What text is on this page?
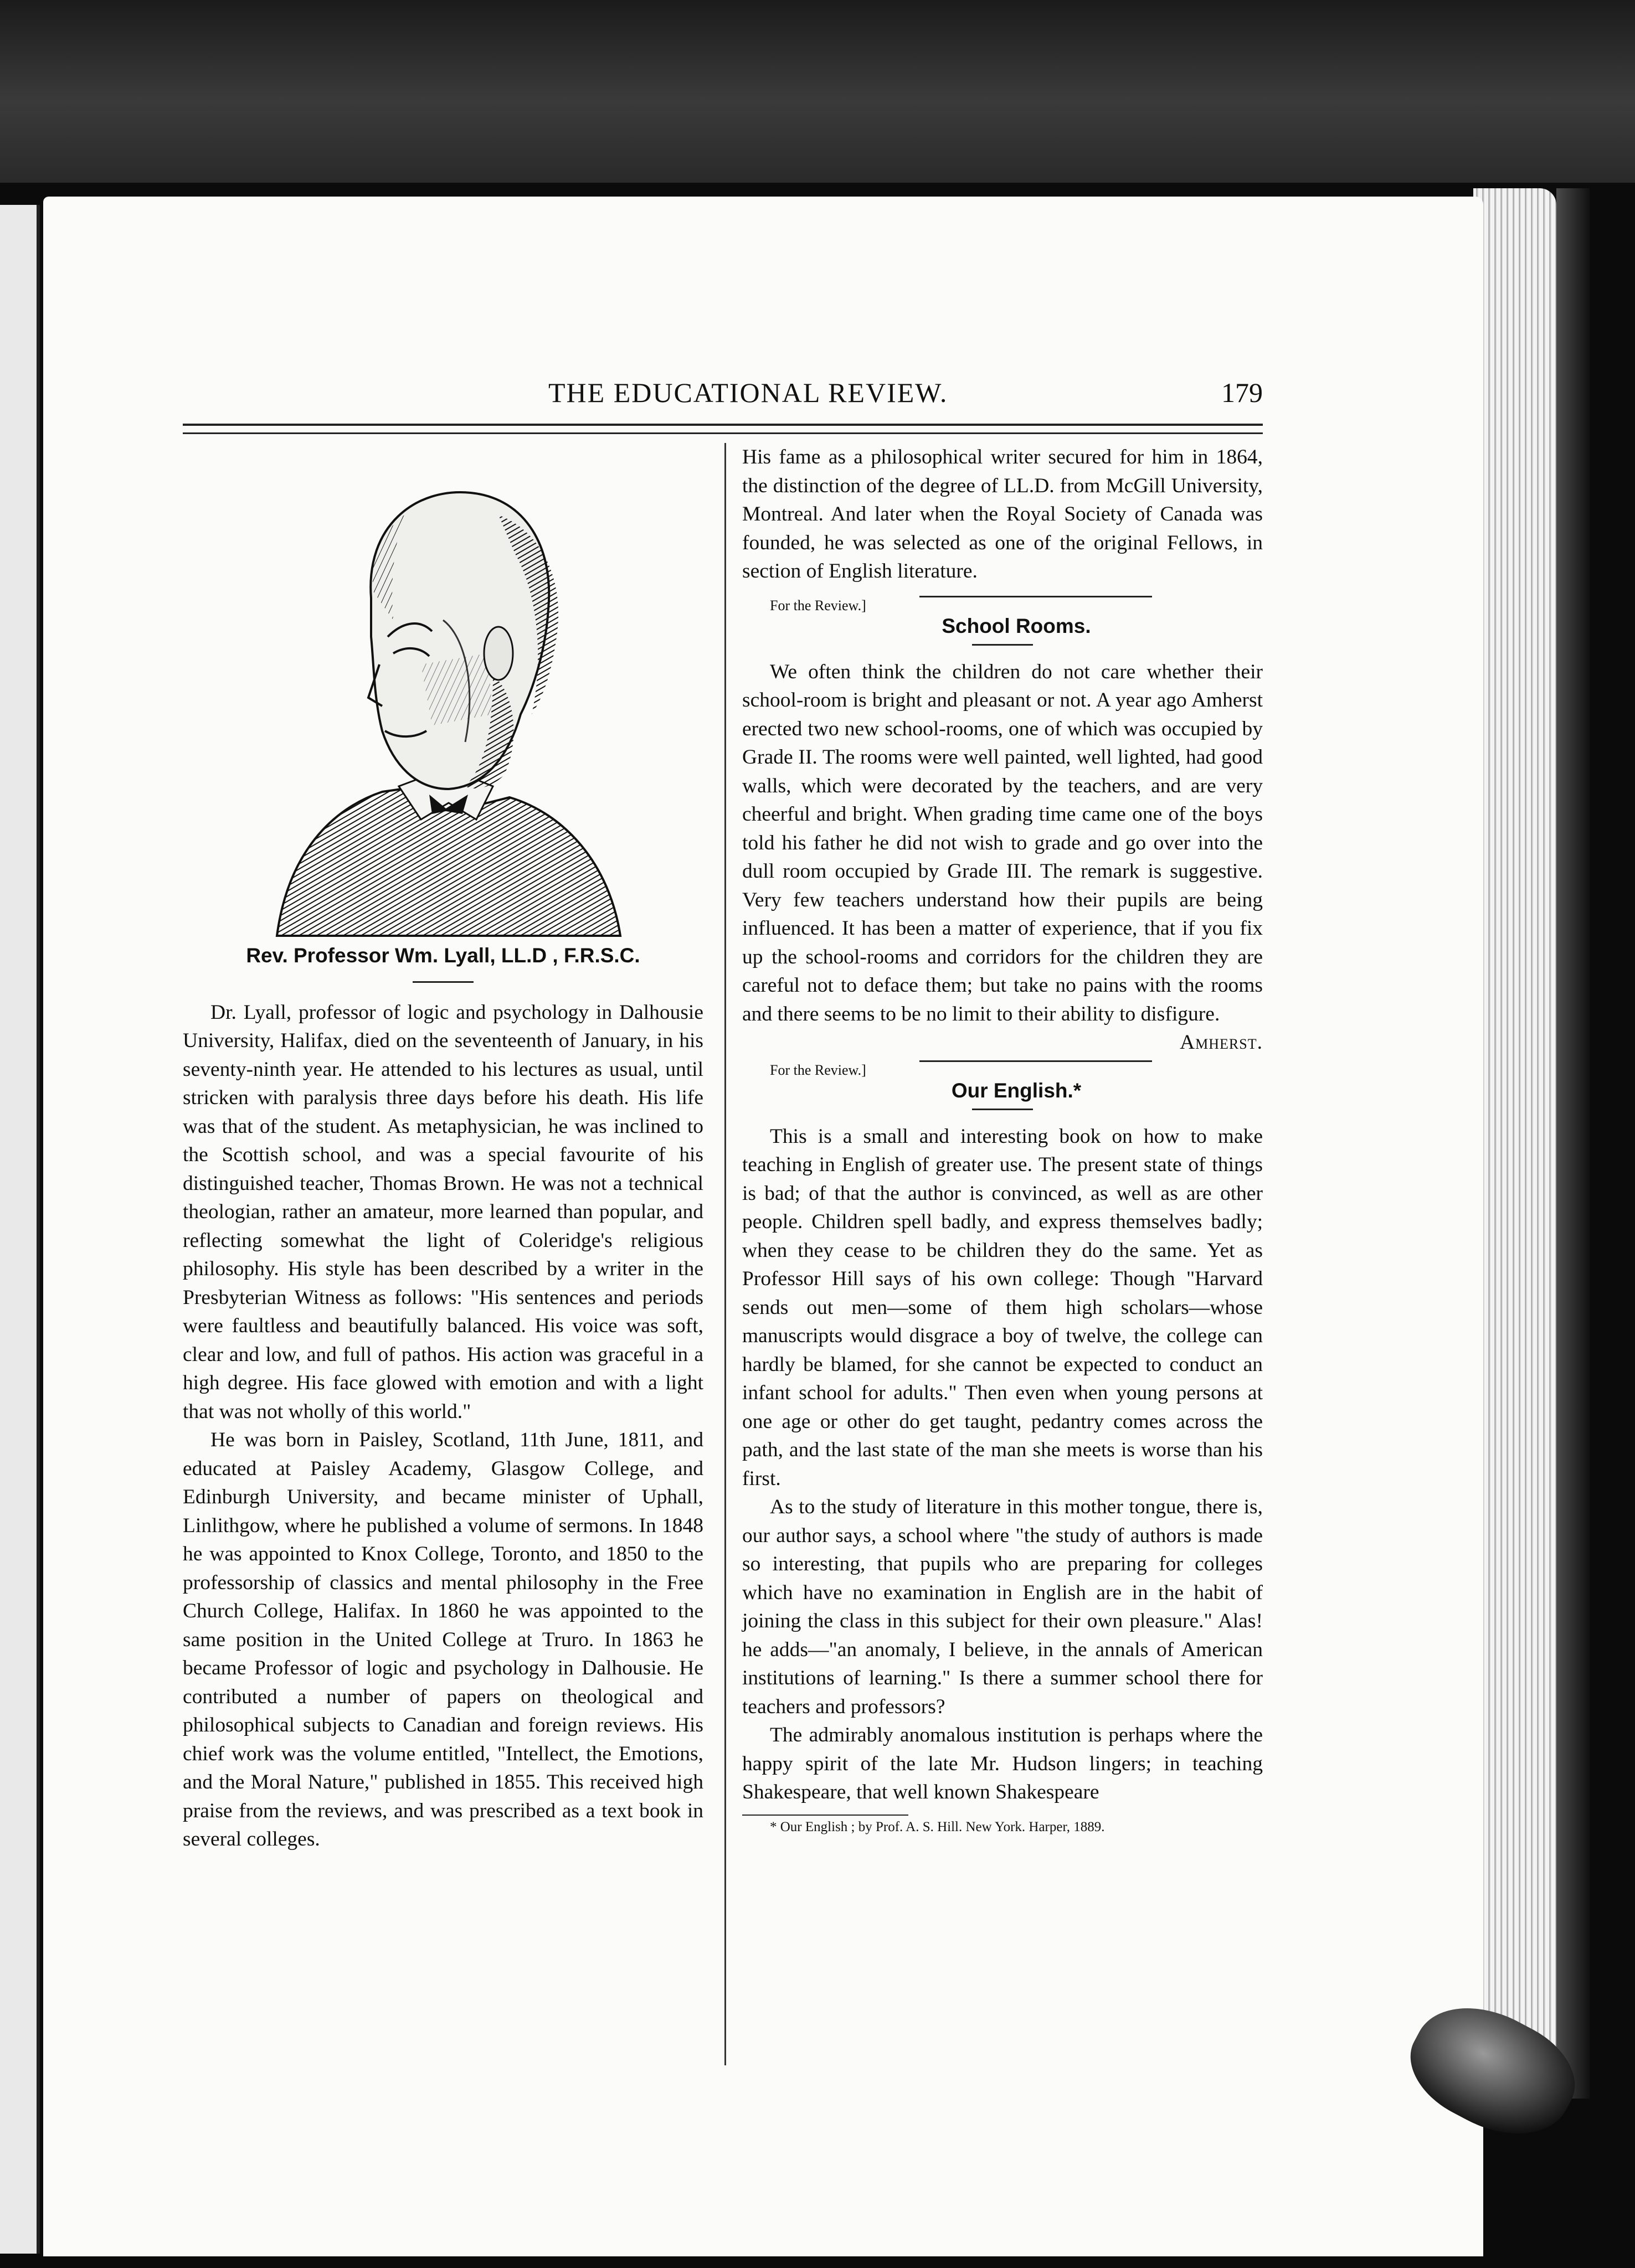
THE EDUCATIONAL REVIEW.	179

Rev. Professor Wm. Lyall, LL.D , F.R.S.C.

Dr. Lyall, professor of logic and psychology in Dalhousie University, Halifax, died on the seventeenth of January, in his seventy-ninth year. He attended to his lectures as usual, until stricken with paralysis three days before his death. His life was that of the student. As metaphysician, he was inclined to the Scottish school, and was a special favourite of his distinguished teacher, Thomas Brown. He was not a technical theologian, rather an amateur, more learned than popular, and reflecting somewhat the light of Coleridge's religious philosophy. His style has been described by a writer in the Presbyterian Witness as follows: "His sentences and periods were faultless and beautifully balanced. His voice was soft, clear and low, and full of pathos. His action was graceful in a high degree. His face glowed with emotion and with a light that was not wholly of this world."

He was born in Paisley, Scotland, 11th June, 1811, and educated at Paisley Academy, Glasgow College, and Edinburgh University, and became minister of Uphall, Linlithgow, where he published a volume of sermons. In 1848 he was appointed to Knox College, Toronto, and 1850 to the professorship of classics and mental philosophy in the Free Church College, Halifax. In 1860 he was appointed to the same position in the United College at Truro. In 1863 he became Professor of logic and psychology in Dalhousie. He contributed a number of papers on theological and philosophical subjects to Canadian and foreign reviews. His chief work was the volume entitled, "Intellect, the Emotions, and the Moral Nature," published in 1855. This received high praise from the reviews, and was prescribed as a text book in several colleges.

His fame as a philosophical writer secured for him in 1864, the distinction of the degree of LL.D. from McGill University, Montreal. And later when the Royal Society of Canada was founded, he was selected as one of the original Fellows, in section of English literature.

For the Review.]

School Rooms.

We often think the children do not care whether their school-room is bright and pleasant or not. A year ago Amherst erected two new school-rooms, one of which was occupied by Grade II. The rooms were well painted, well lighted, had good walls, which were decorated by the teachers, and are very cheerful and bright. When grading time came one of the boys told his father he did not wish to grade and go over into the dull room occupied by Grade III. The remark is suggestive. Very few teachers understand how their pupils are being influenced. It has been a matter of experience, that if you fix up the school-rooms and corridors for the children they are careful not to deface them; but take no pains with the rooms and there seems to be no limit to their ability to disfigure.

Amherst.

For the Review.]

Our English.*

This is a small and interesting book on how to make teaching in English of greater use. The present state of things is bad; of that the author is convinced, as well as are other people. Children spell badly, and express themselves badly; when they cease to be children they do the same. Yet as Professor Hill says of his own college: Though "Harvard sends out men—some of them high scholars—whose manuscripts would disgrace a boy of twelve, the college can hardly be blamed, for she cannot be expected to conduct an infant school for adults." Then even when young persons at one age or other do get taught, pedantry comes across the path, and the last state of the man she meets is worse than his first.

As to the study of literature in this mother tongue, there is, our author says, a school where "the study of authors is made so interesting, that pupils who are preparing for colleges which have no examination in English are in the habit of joining the class in this subject for their own pleasure." Alas! he adds—"an anomaly, I believe, in the annals of American institutions of learning." Is there a summer school there for teachers and professors?

The admirably anomalous institution is perhaps where the happy spirit of the late Mr. Hudson lingers; in teaching Shakespeare, that well known Shakespeare

* Our English ; by Prof. A. S. Hill. New York. Harper, 1889.
